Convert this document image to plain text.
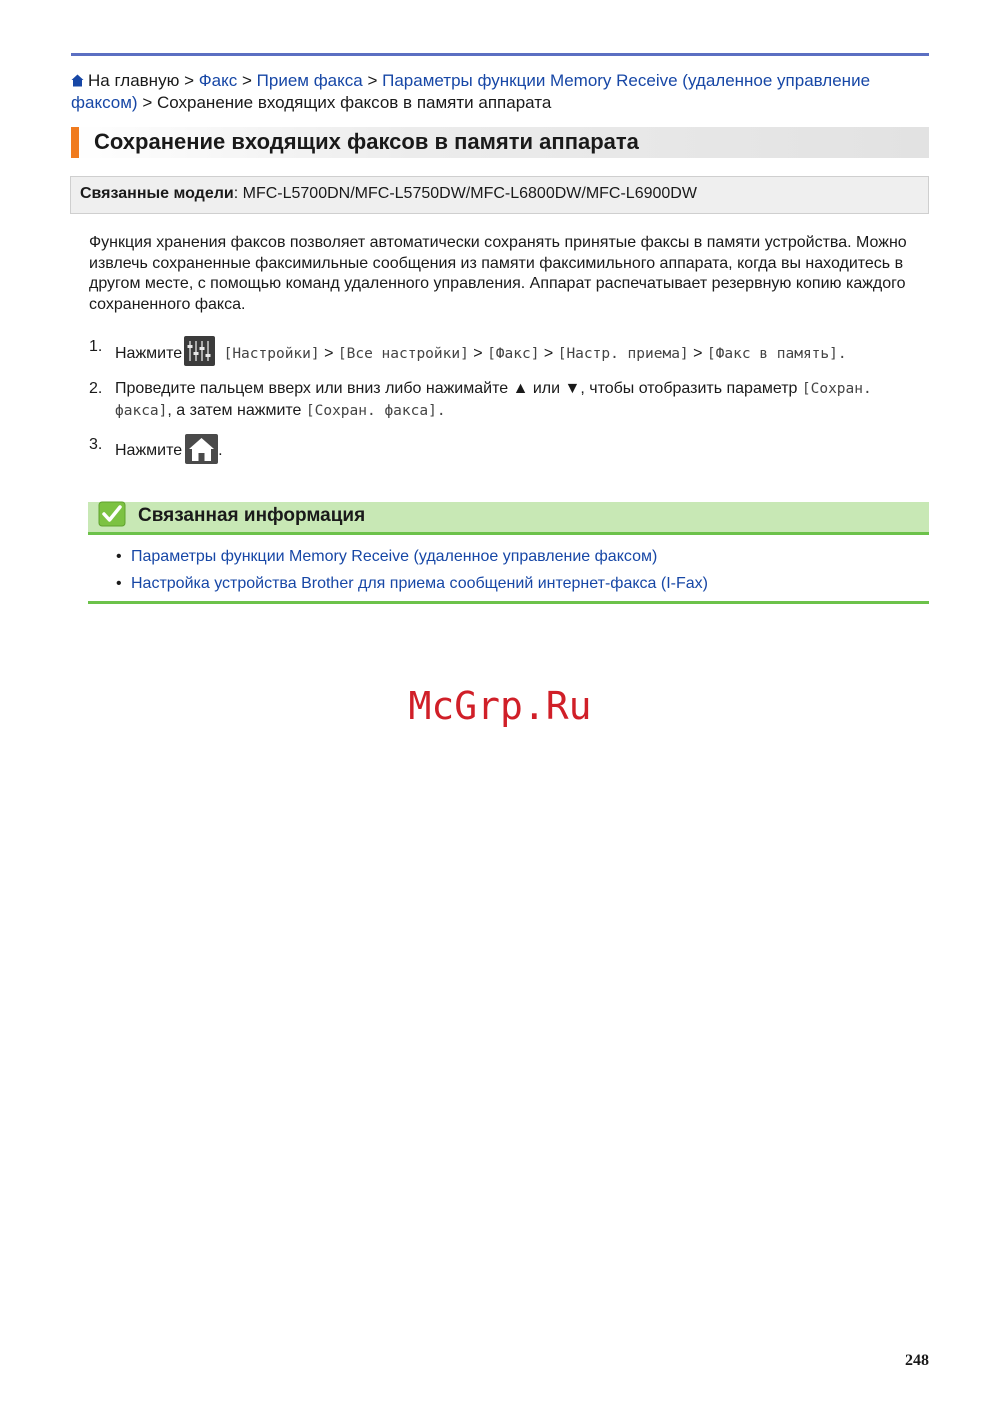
На главную > Факс > Прием факса > Параметры функции Memory Receive (удаленное управление факсом) > Сохранение входящих факсов в памяти аппарата
Сохранение входящих факсов в памяти аппарата
Связанные модели: MFC-L5700DN/MFC-L5750DW/MFC-L6800DW/MFC-L6900DW

Функция хранения факсов позволяет автоматически сохранять принятые факсы в памяти устройства. Можно извлечь сохраненные факсимильные сообщения из памяти факсимильного аппарата, когда вы находитесь в другом месте, с помощью команд удаленного управления. Аппарат распечатывает резервную копию каждого сохраненного факса.

1. Нажмите	[Настройки] > [Все настройки] > [Факс] > [Настр. приема] > [Факс в память].
2. Проведите пальцем вверх или вниз либо нажимайте ▲ или ▼, чтобы отобразить параметр [Сохран. факса], а затем нажмите [Сохран. факса].
3. Нажмите .
Связанная информация
• Параметры функции Memory Receive (удаленное управление факсом)
• Настройка устройства Brother для приема сообщений интернет-факса (I-Fax)
McGrp.Ru
248
